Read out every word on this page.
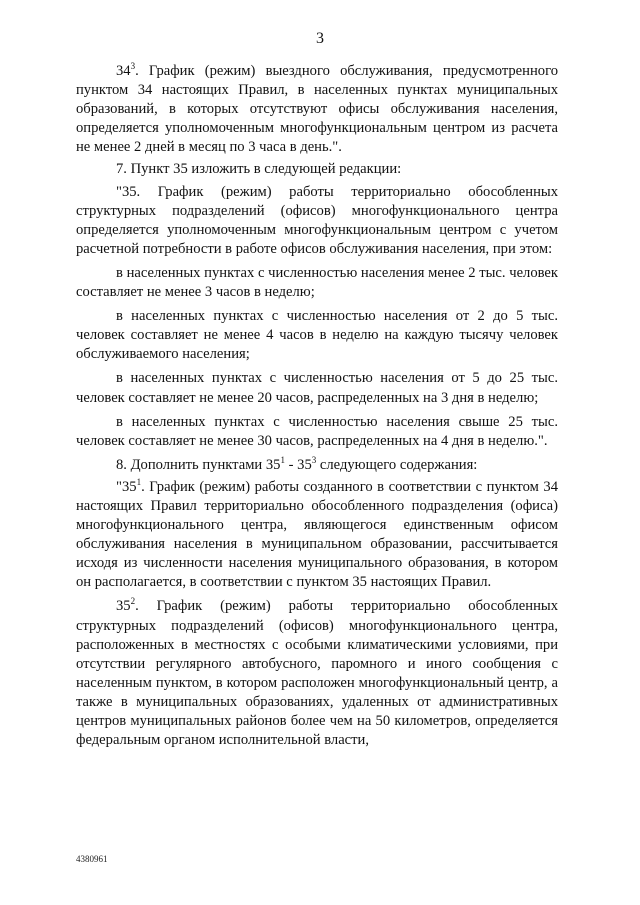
3

$34^3$. График (режим) выездного обслуживания, предусмотренного пунктом 34 настоящих Правил, в населенных пунктах муниципальных образований, в которых отсутствуют офисы обслуживания населения, определяется уполномоченным многофункциональным центром из расчета не менее 2 дней в месяц по 3 часа в день.".

7. Пункт 35 изложить в следующей редакции:

"35. График (режим) работы территориально обособленных структурных подразделений (офисов) многофункционального центра определяется уполномоченным многофункциональным центром с учетом расчетной потребности в работе офисов обслуживания населения, при этом:

в населенных пунктах с численностью населения менее 2 тыс. человек составляет не менее 3 часов в неделю;

в населенных пунктах с численностью населения от 2 до 5 тыс. человек составляет не менее 4 часов в неделю на каждую тысячу человек обслуживаемого населения;

в населенных пунктах с численностью населения от 5 до 25 тыс. человек составляет не менее 20 часов, распределенных на 3 дня в неделю;

в населенных пунктах с численностью населения свыше 25 тыс. человек составляет не менее 30 часов, распределенных на 4 дня в неделю.".

8. Дополнить пунктами $35^1 - 35^3$ следующего содержания:

"$35^1$. График (режим) работы созданного в соответствии с пунктом 34 настоящих Правил территориально обособленного подразделения (офиса) многофункционального центра, являющегося единственным офисом обслуживания населения в муниципальном образовании, рассчитывается исходя из численности населения муниципального образования, в котором он располагается, в соответствии с пунктом 35 настоящих Правил.

$35^2$. График (режим) работы территориально обособленных структурных подразделений (офисов) многофункционального центра, расположенных в местностях с особыми климатическими условиями, при отсутствии регулярного автобусного, паромного и иного сообщения с населенным пунктом, в котором расположен многофункциональный центр, а также в муниципальных образованиях, удаленных от административных центров муниципальных районов более чем на 50 километров, определяется федеральным органом исполнительной власти,

4380961
